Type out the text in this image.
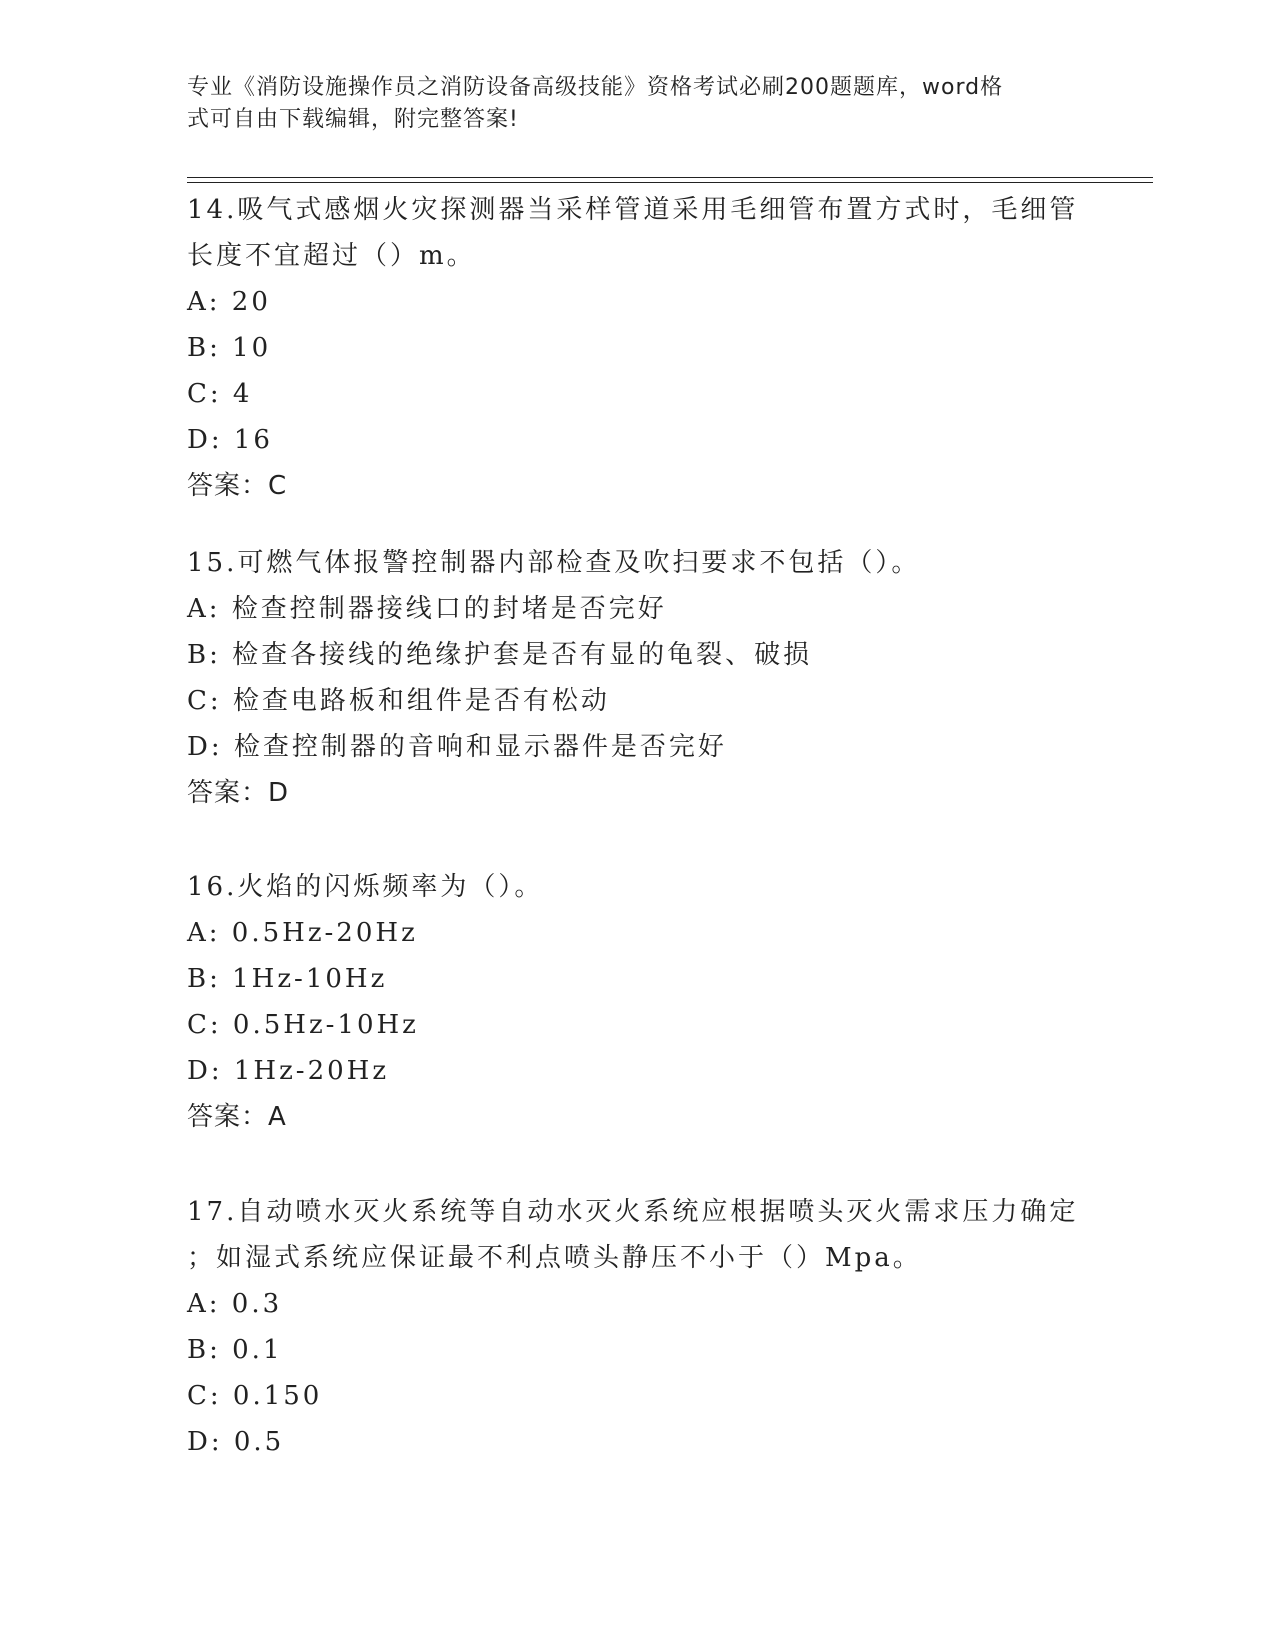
专业《消防设施操作员之消防设备高级技能》资格考试必刷200题题库，word格
式可自由下载编辑，附完整答案!
14.吸气式感烟火灾探测器当采样管道采用毛细管布置方式时，毛细管
长度不宜超过（）m。
A: 20
B: 10
C: 4
D: 16
答案：C
15.可燃气体报警控制器内部检查及吹扫要求不包括（）。
A: 检查控制器接线口的封堵是否完好
B: 检查各接线的绝缘护套是否有显的龟裂、破损
C: 检查电路板和组件是否有松动
D: 检查控制器的音响和显示器件是否完好
答案：D
16.火焰的闪烁频率为（）。
A: 0.5Hz-20Hz
B: 1Hz-10Hz
C: 0.5Hz-10Hz
D: 1Hz-20Hz
答案：A
17.自动喷水灭火系统等自动水灭火系统应根据喷头灭火需求压力确定
；如湿式系统应保证最不利点喷头静压不小于（）Mpa。
A: 0.3
B: 0.1
C: 0.150
D: 0.5
